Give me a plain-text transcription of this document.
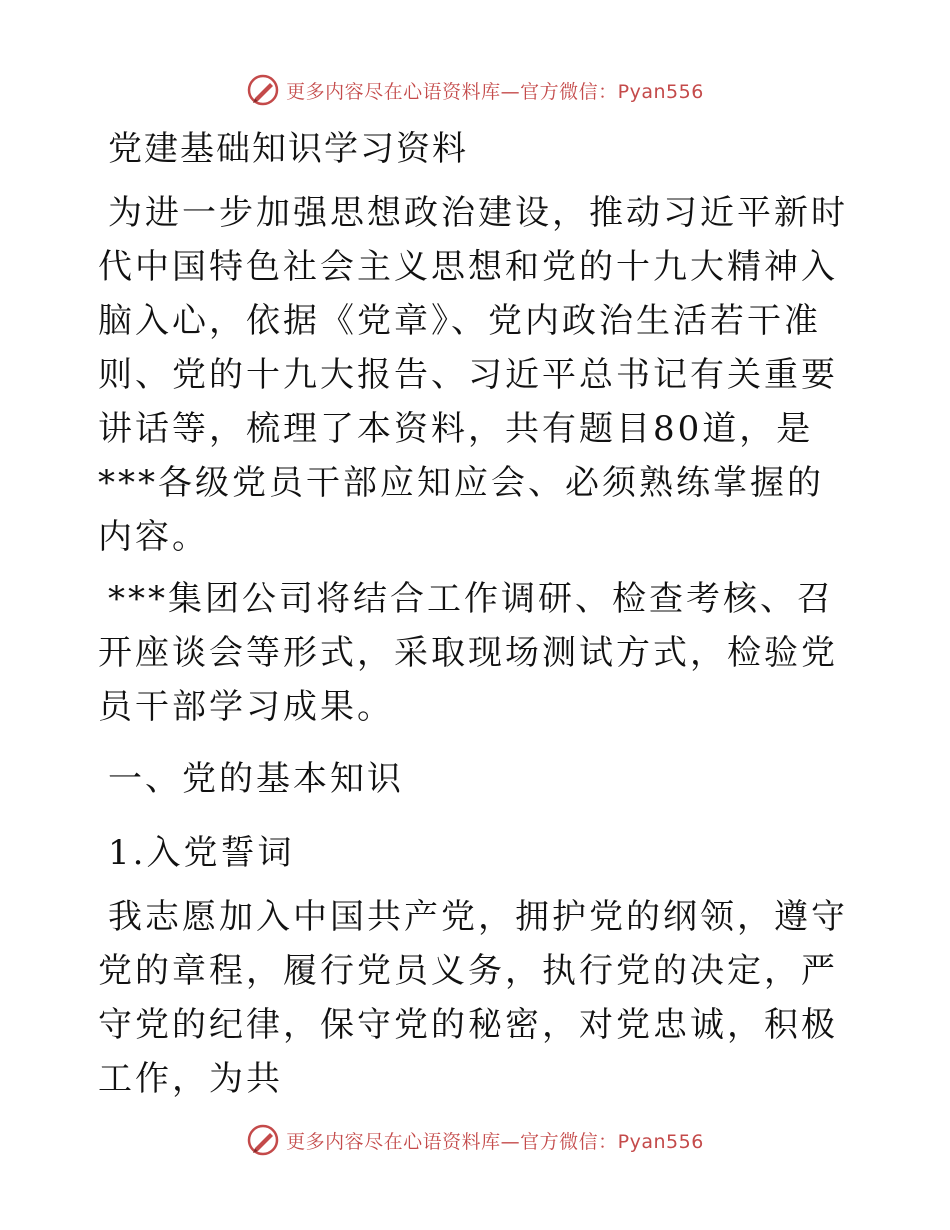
更多内容尽在心语资料库—官方微信：Pyan556
党建基础知识学习资料

为进一步加强思想政治建设，推动习近平新时代中国特色社会主义思想和党的十九大精神入脑入心，依据《党章》、党内政治生活若干准则、党的十九大报告、习近平总书记有关重要讲话等，梳理了本资料，共有题目80道，是***各级党员干部应知应会、必须熟练掌握的内容。

***集团公司将结合工作调研、检查考核、召开座谈会等形式，采取现场测试方式，检验党员干部学习成果。

一、党的基本知识
1.入党誓词

我志愿加入中国共产党，拥护党的纲领，遵守党的章程，履行党员义务，执行党的决定，严守党的纪律，保守党的秘密，对党忠诚，积极工作，为共

更多内容尽在心语资料库—官方微信：Pyan556
